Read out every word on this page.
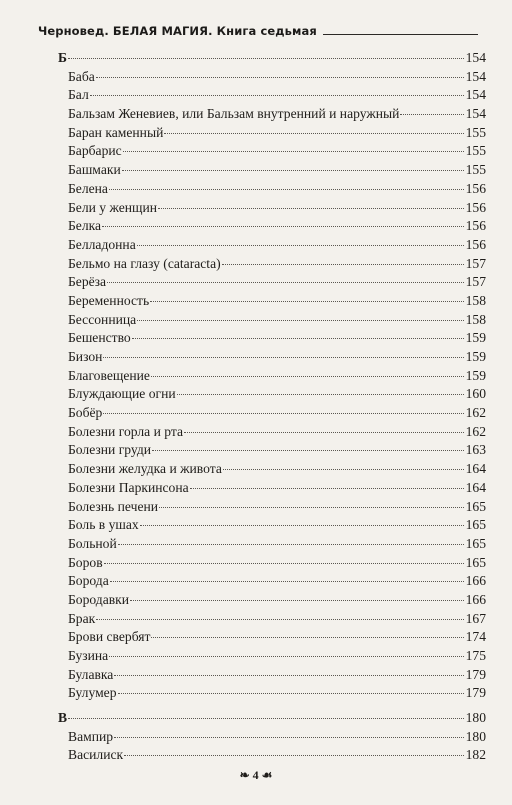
Черновед. БЕЛАЯ МАГИЯ. Книга седьмая
Б	154
Баба	154
Бал	154
Бальзам Женевиев, или Бальзам внутренний и наружный	154
Баран каменный	155
Барбарис	155
Башмаки	155
Белена	156
Бели у женщин	156
Белка	156
Белладонна	156
Бельмо на глазу (cataracta)	157
Берёза	157
Беременность	158
Бессонница	158
Бешенство	159
Бизон	159
Благовещение	159
Блуждающие огни	160
Бобёр	162
Болезни горла и рта	162
Болезни груди	163
Болезни желудка и живота	164
Болезни Паркинсона	164
Болезнь печени	165
Боль в ушах	165
Больной	165
Боров	165
Борода	166
Бородавки	166
Брак	167
Брови свербят	174
Бузина	175
Булавка	179
Булумер	179
В	180
Вампир	180
Василиск	182
❧ 4 ☙
